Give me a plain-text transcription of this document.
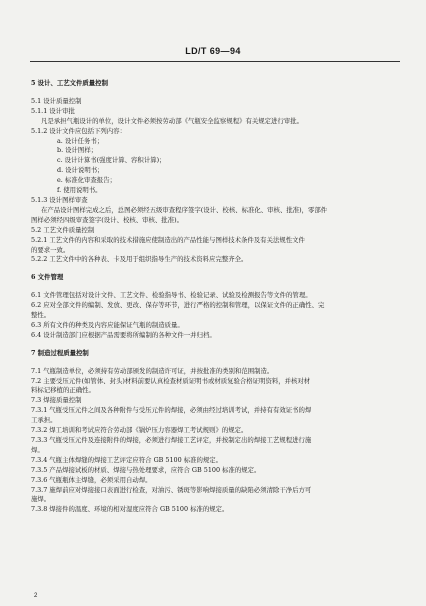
LD/T 69—94

5 设计、工艺文件质量控制

5.1 设计质量控制

5.1.1 设计审批

凡是承担气瓶设计的单位，设计文件必须按劳动部《气瓶安全监察规程》有关规定进行审批。

5.1.2 设计文件应包括下列内容：

a. 设计任务书；

b. 设计图样；

c. 设计计算书(强度计算、容积计算)；

d. 设计说明书；

e. 标准化审查报告；

f. 使用说明书。

5.1.3 设计图样审查

在产品设计图样完成之后，总图必须经五级审查程序签字(设计、校核、标准化、审核、批准)，零部件

图样必须经四级审查签字(设计、校核、审核、批准)。

5.2 工艺文件质量控制

5.2.1 工艺文件的内容和采取的技术措施应使制造出的产品性能与图样技术条件及有关法规性文件

的要求一致。

5.2.2 工艺文件中的各种表、卡及用于组织指导生产的技术资料应完整齐全。

6 文件管理

6.1 文件管理包括对设计文件、工艺文件、检验指导书、检验记录、试验及检测报告等文件的管理。

6.2 应对全部文件的编制、发放、更改、保存等环节，进行严格的控制和管理，以保证文件的正确性、完

整性。

6.3 所有文件的种类及内容应能保证气瓶的制造质量。

6.4 设计制造部门应根据产品需要将所编制的各种文件一并归档。

7 制造过程质量控制

7.1 气瓶制造单位，必须持有劳动部颁发的制造许可证，并按批准的类别和范围制造。

7.2 主要受压元件(如管体、封头)材料前要认真检查材质证明书或材质复验合格证明资料，并核对材

料标记移植的正确性。

7.3 焊接质量控制

7.3.1 气瓶受压元件之间及各种附件与受压元件的焊接，必须由经过培训考试，并持有有效证书的焊

工承担。

7.3.2 焊工培训和考试应符合劳动部《锅炉压力容器焊工考试规则》的规定。

7.3.3 气瓶受压元件及连接附件的焊接，必须进行焊接工艺评定，并按制定出的焊接工艺规程进行施

焊。

7.3.4 气瓶主体焊缝的焊接工艺评定应符合 GB 5100 标准的规定。

7.3.5 产品焊接试板的材质、焊接与热处理要求，应符合 GB 5100 标准的规定。

7.3.6 气瓶瓶体主焊缝，必须采用自动焊。

7.3.7 施焊前应对焊接接口表面进行检查，对油污、锈斑等影响焊接质量的缺陷必须清除干净后方可

施焊。

7.3.8 焊接件的温度、环境的相对湿度应符合 GB 5100 标准的规定。

2
